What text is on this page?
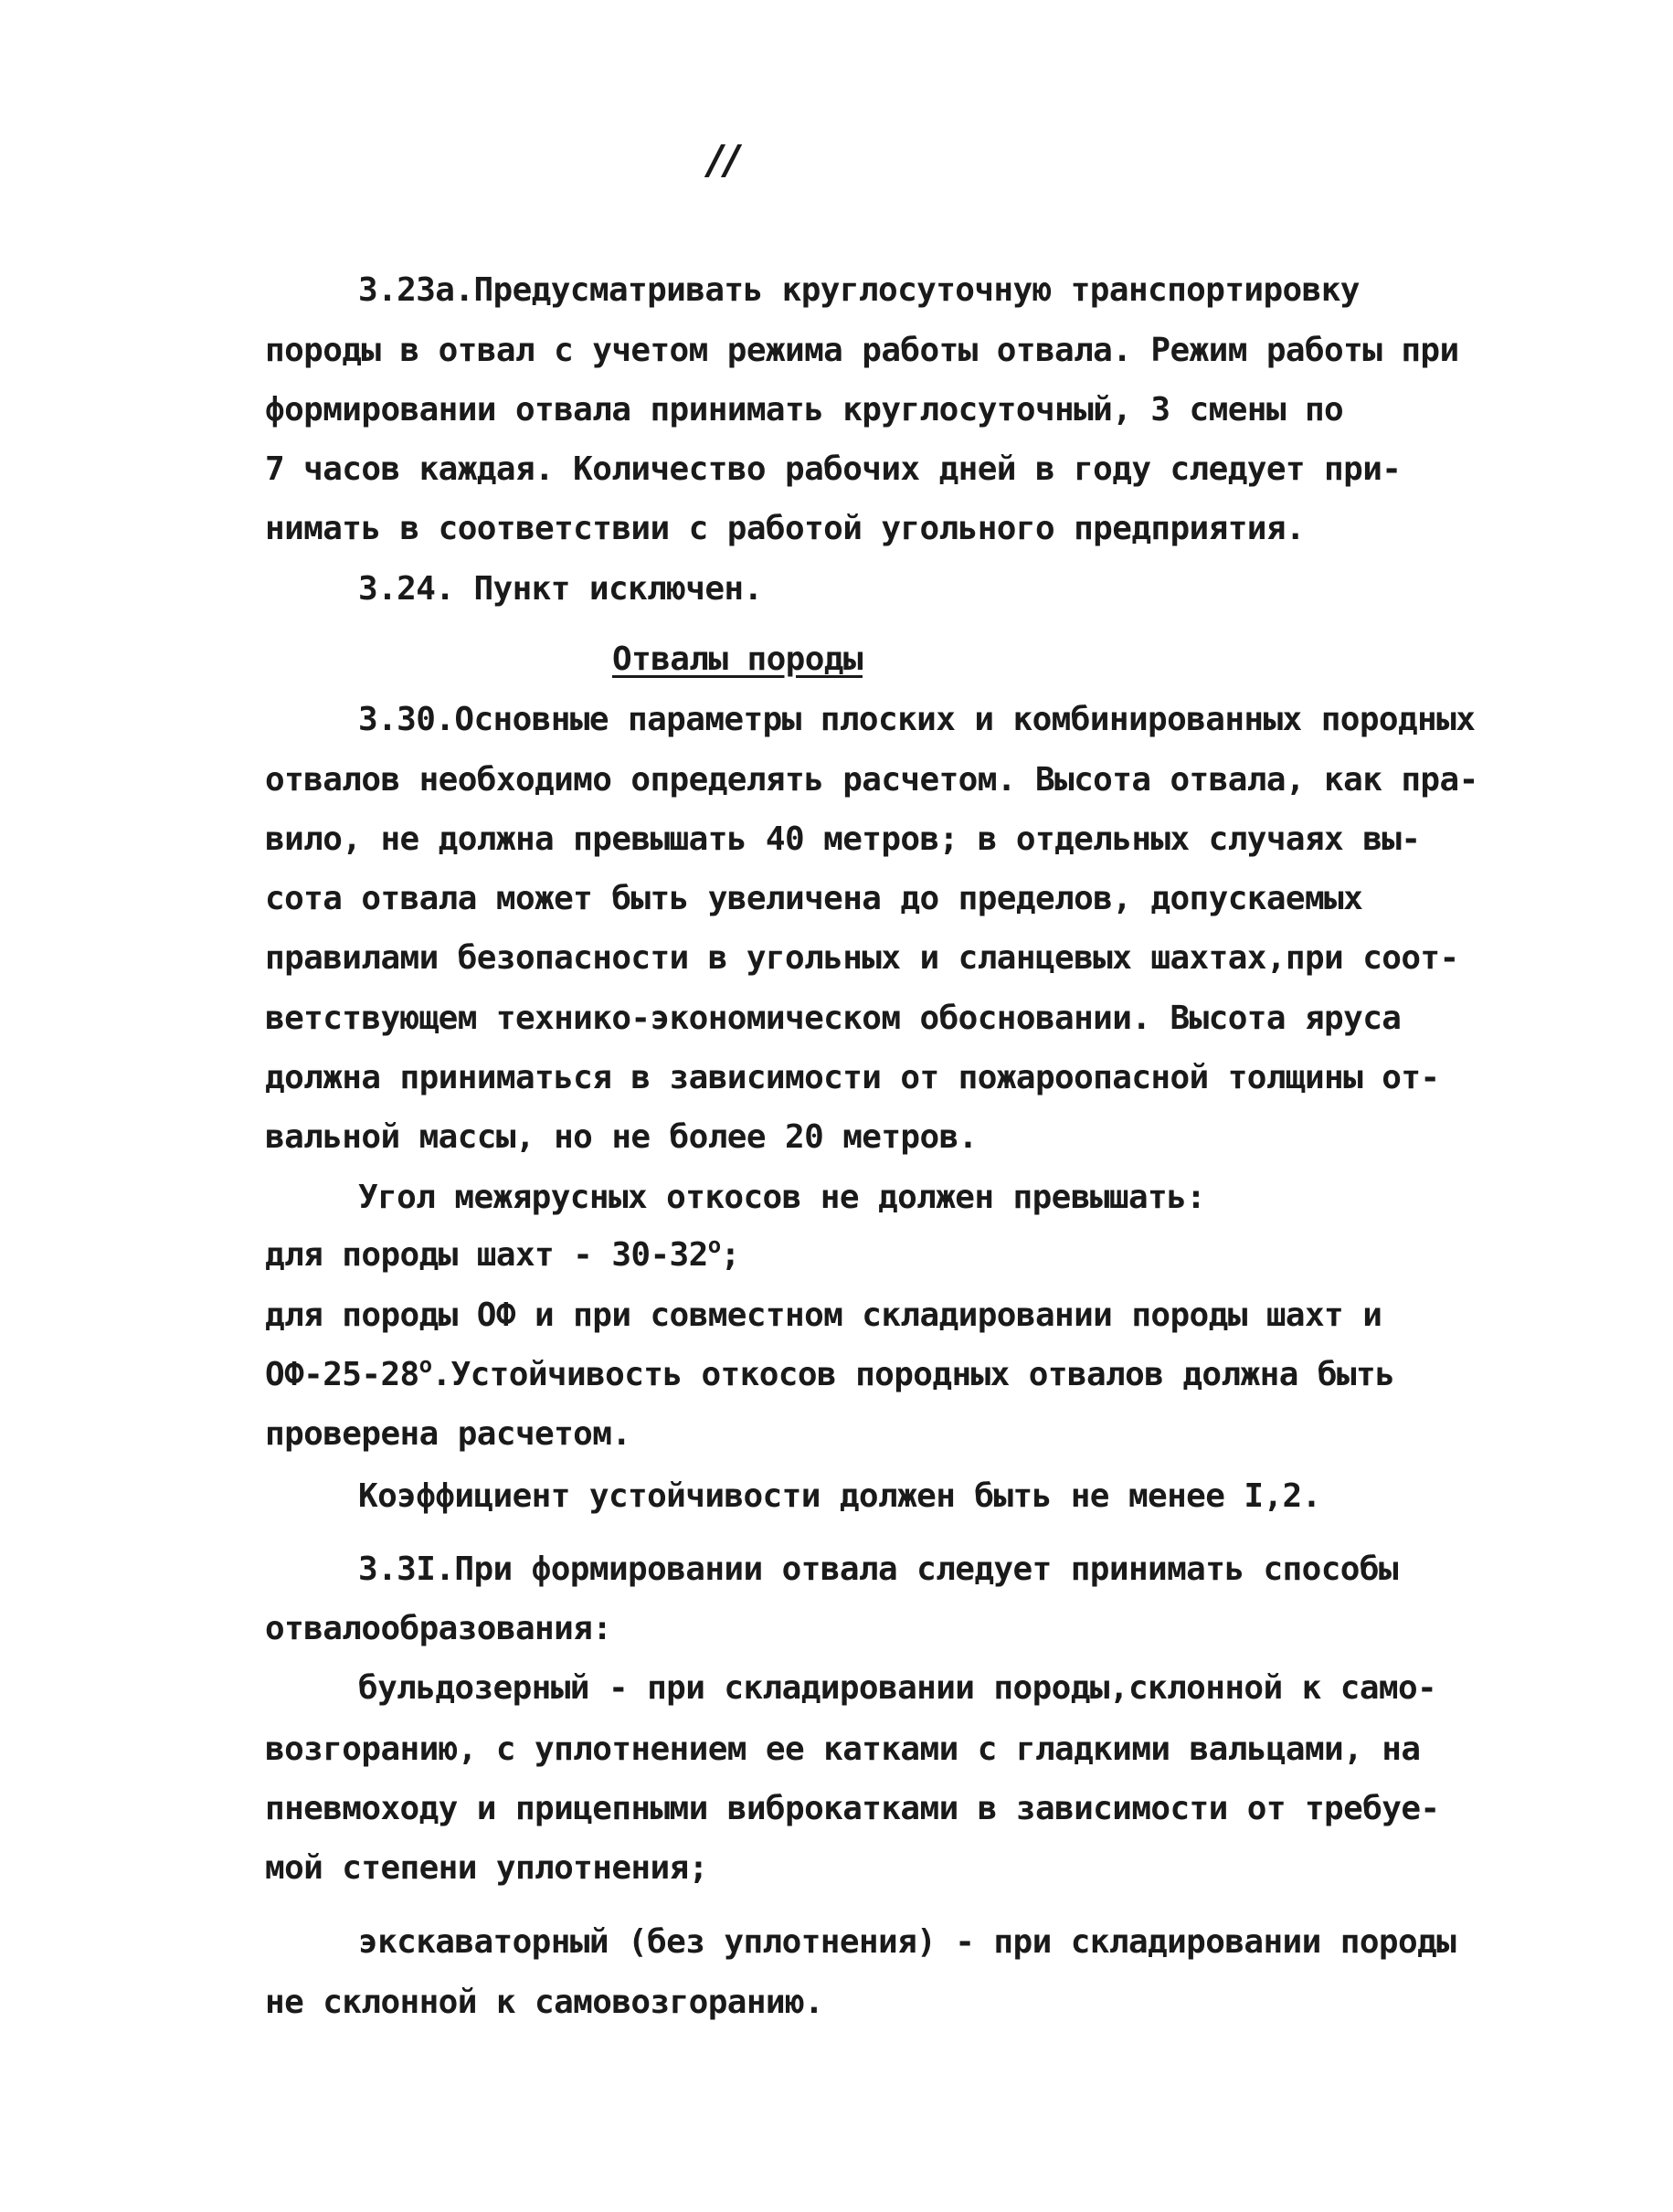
//
3.23а.Предусматривать круглосуточную транспортировку
породы в отвал с учетом режима работы отвала. Режим работы при
формировании отвала принимать круглосуточный, 3 смены по
7 часов каждая. Количество рабочих дней в году следует при-
нимать в соответствии с работой угольного предприятия.
3.24. Пункт исключен.
Отвалы породы
3.30.Основные параметры плоских и комбинированных породных
отвалов необходимо определять расчетом. Высота отвала, как пра-
вило, не должна превышать 40 метров; в отдельных случаях вы-
сота отвала может быть увеличена до пределов, допускаемых
правилами безопасности в угольных и сланцевых шахтах,при соот-
ветствующем технико-экономическом обосновании. Высота яруса
должна приниматься в зависимости от пожароопасной толщины от-
вальной массы, но не более 20 метров.
Угол межярусных откосов не должен превышать:
для породы шахт - $30-32^о$;
для породы ОФ и при совместном складировании породы шахт и
$ОФ-25-28^о.Устойчивость$ откосов породных отвалов должна быть
проверена расчетом.
Коэффициент устойчивости должен быть не менее I,2.
3.3I.При формировании отвала следует принимать способы
отвалообразования:
бульдозерный - при складировании породы,склонной к само-
возгоранию, с уплотнением ее катками с гладкими вальцами, на
пневмоходу и прицепными виброкатками в зависимости от требуе-
мой степени уплотнения;
экскаваторный (без уплотнения) - при складировании породы
не склонной к самовозгоранию.
